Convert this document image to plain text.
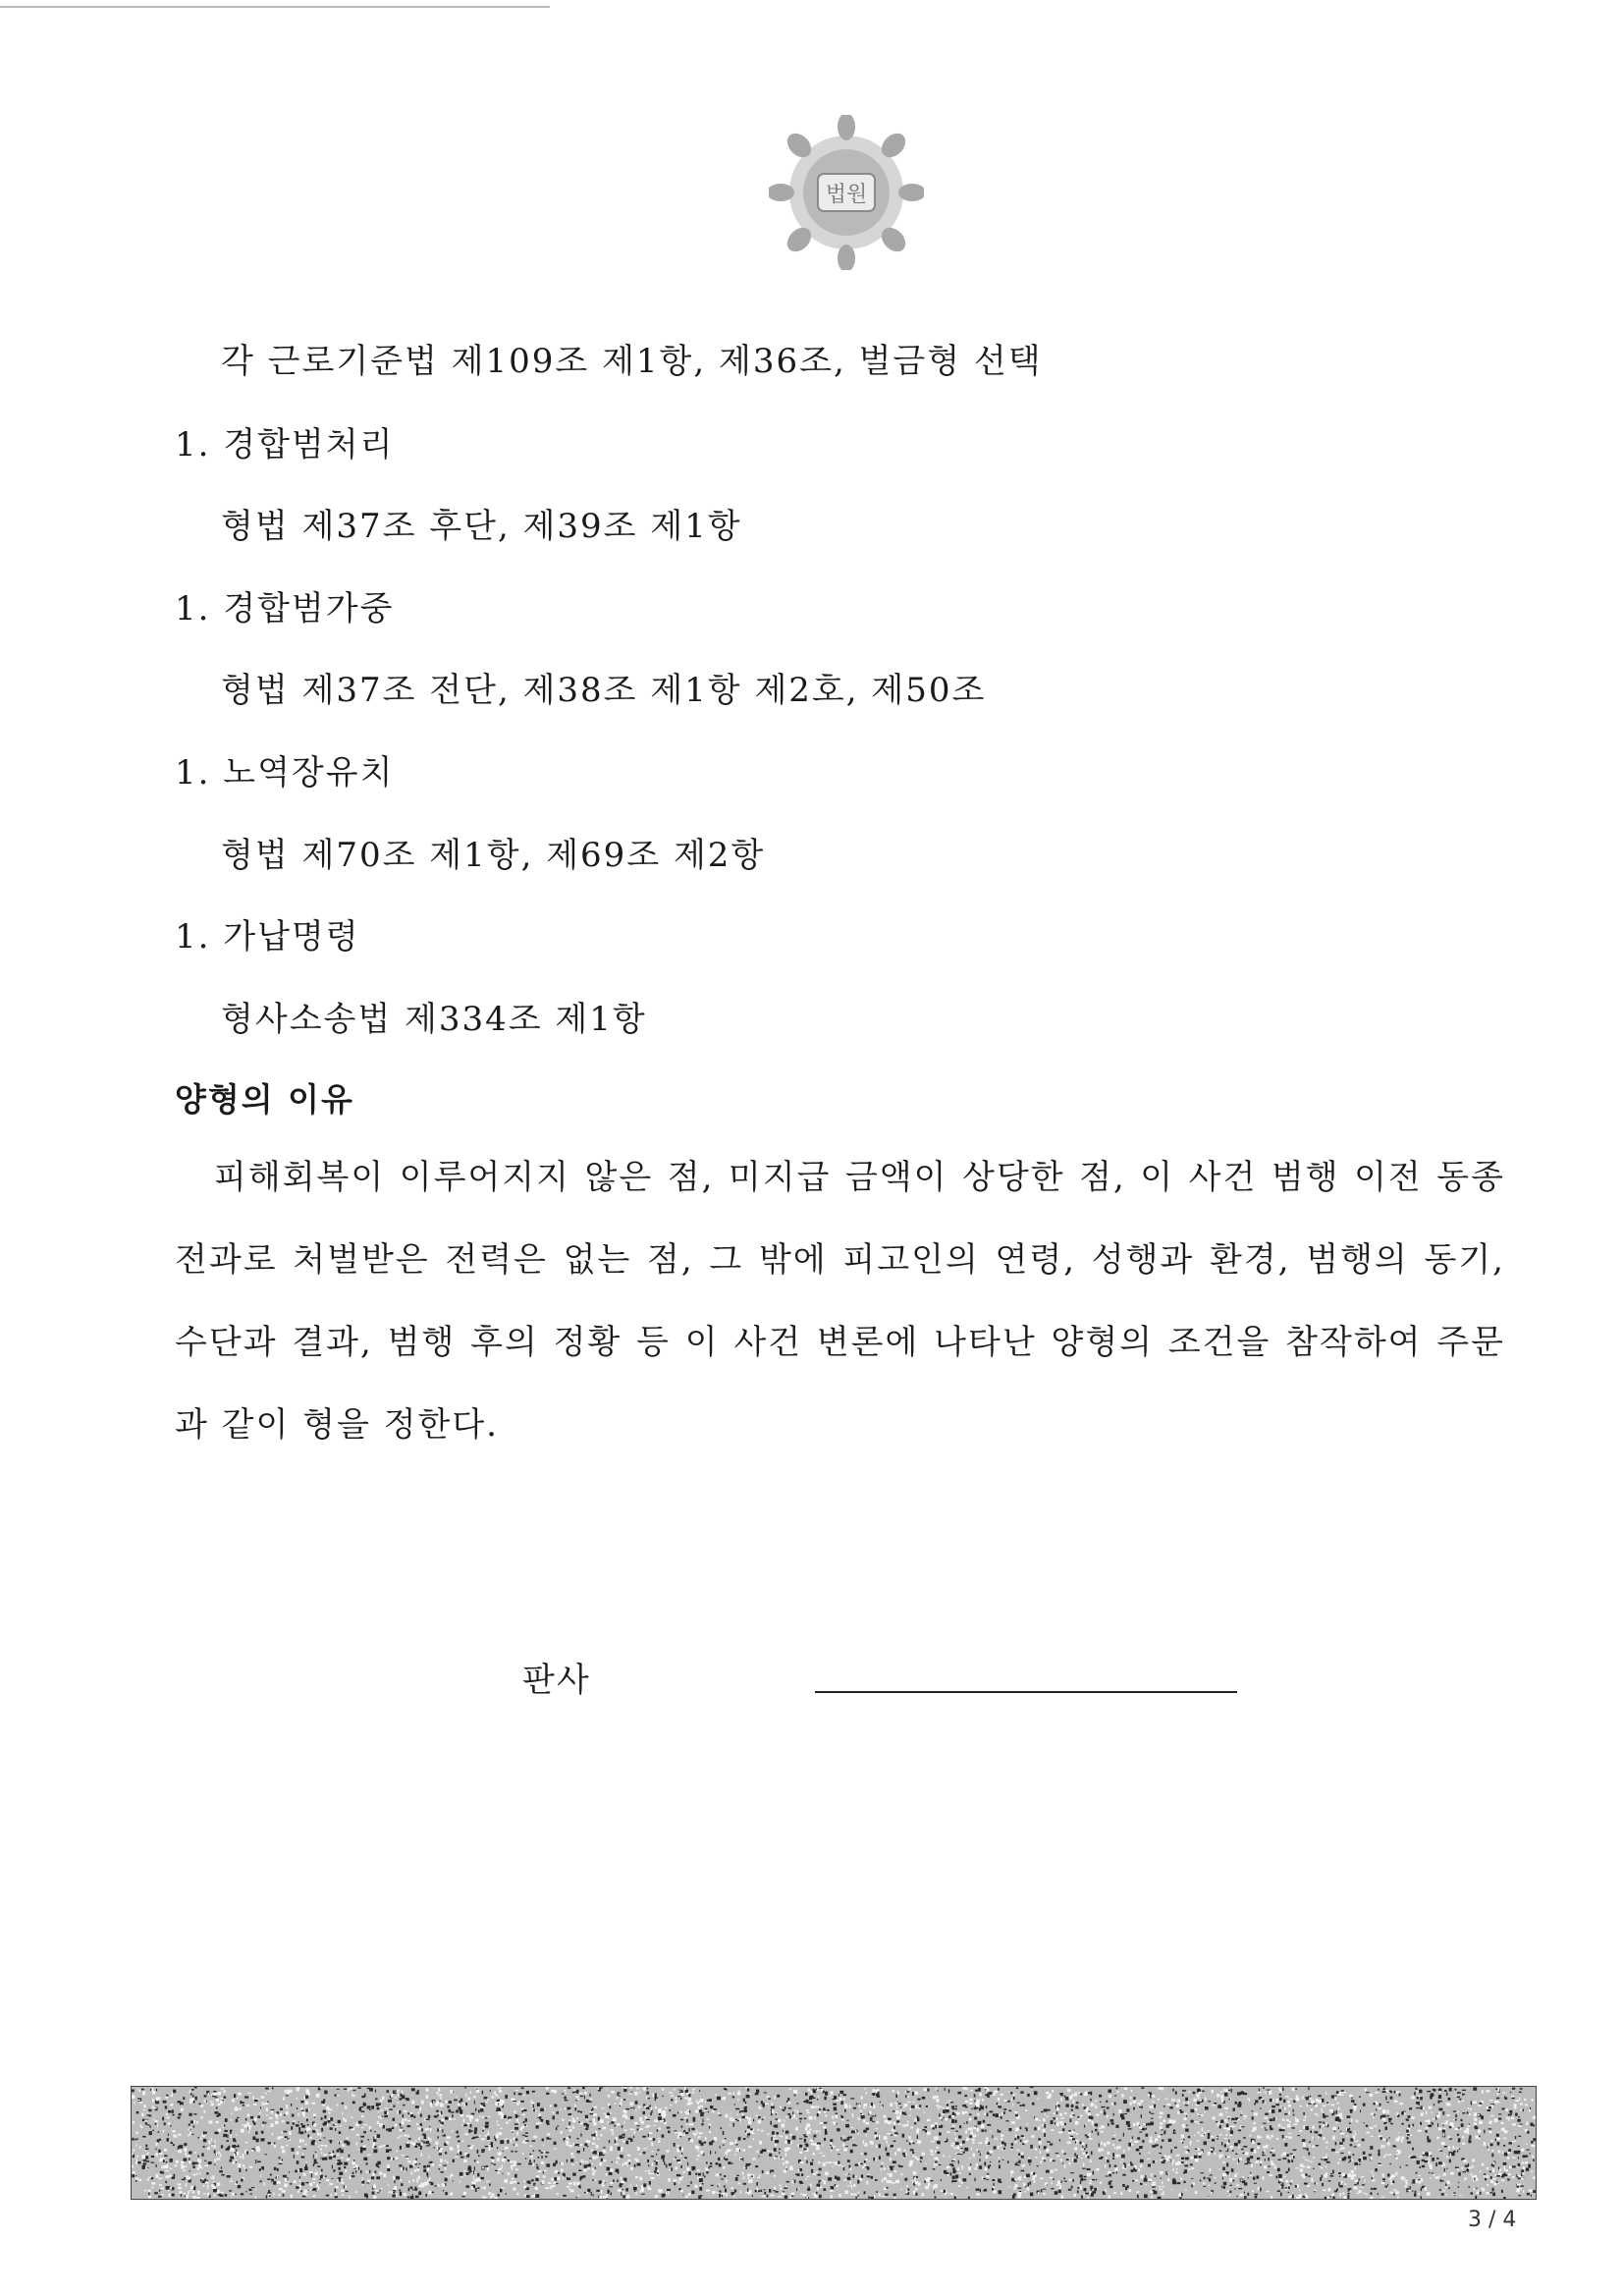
법원
각 근로기준법 제109조 제1항, 제36조, 벌금형 선택
1. 경합범처리
형법 제37조 후단, 제39조 제1항
1. 경합범가중
형법 제37조 전단, 제38조 제1항 제2호, 제50조
1. 노역장유치
형법 제70조 제1항, 제69조 제2항
1. 가납명령
형사소송법 제334조 제1항
양형의 이유
피해회복이 이루어지지 않은 점, 미지급 금액이 상당한 점, 이 사건 범행 이전 동종 전과로 처벌받은 전력은 없는 점, 그 밖에 피고인의 연령, 성행과 환경, 범행의 동기, 수단과 결과, 범행 후의 정황 등 이 사건 변론에 나타난 양형의 조건을 참작하여 주문과 같이 형을 정한다.
판사
3 / 4
